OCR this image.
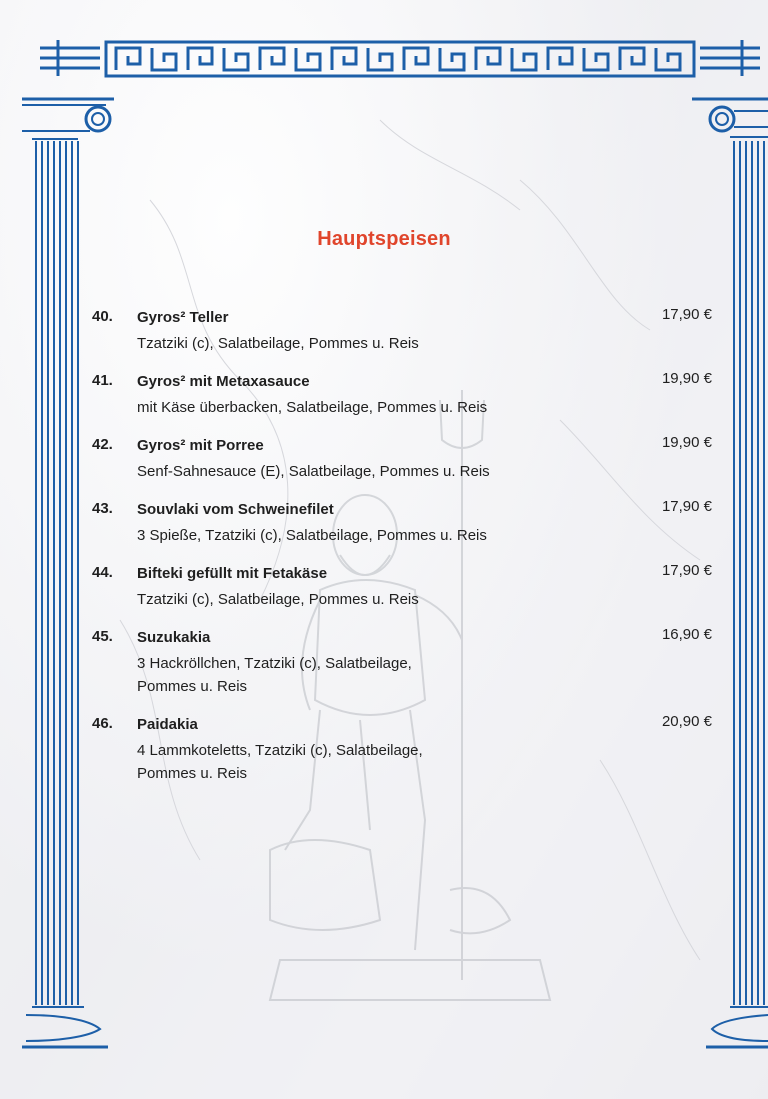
Hauptspeisen
40.	Gyros² Teller
Tzatziki (c), Salatbeilage, Pommes u. Reis
17,90 €
41.	Gyros² mit Metaxasauce
mit Käse überbacken, Salatbeilage, Pommes u. Reis
19,90 €
42.	Gyros² mit Porree
Senf-Sahnesauce (E), Salatbeilage, Pommes u. Reis
19,90 €
43.	Souvlaki vom Schweinefilet
3 Spieße, Tzatziki (c), Salatbeilage, Pommes u. Reis
17,90 €
44.	Bifteki gefüllt mit Fetakäse
Tzatziki (c), Salatbeilage, Pommes u. Reis
17,90 €
45.	Suzukakia
3 Hackröllchen, Tzatziki (c), Salatbeilage, Pommes u. Reis
16,90 €
46.	Paidakia
4 Lammkoteletts, Tzatziki (c), Salatbeilage, Pommes u. Reis
20,90 €
